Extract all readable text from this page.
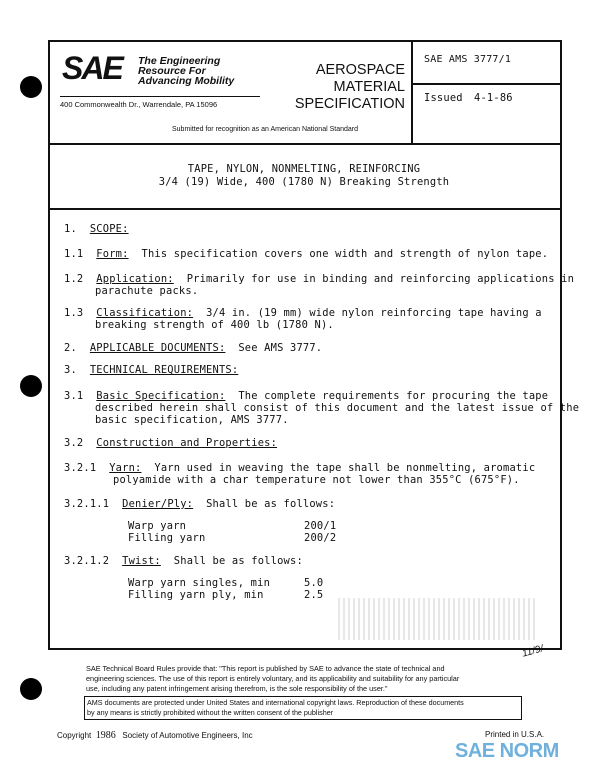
SAE The Engineering
Resource For
Advancing Mobility
400 Commonwealth Dr., Warrendale, PA 15096
AEROSPACE
MATERIAL
SPECIFICATION
Submitted for recognition as an American National Standard
SAE AMS 3777/1
Issued 4-1-86
TAPE, NYLON, NONMELTING, REINFORCING
3/4 (19) Wide, 400 (1780 N) Breaking Strength
1. SCOPE:
1.1 Form: This specification covers one width and strength of nylon tape.
1.2 Application: Primarily for use in binding and reinforcing applications in
parachute packs.
1.3 Classification: 3/4 in. (19 mm) wide nylon reinforcing tape having a
breaking strength of 400 lb (1780 N).
2. APPLICABLE DOCUMENTS: See AMS 3777.
3. TECHNICAL REQUIREMENTS:
3.1 Basic Specification: The complete requirements for procuring the tape
described herein shall consist of this document and the latest issue of the
basic specification, AMS 3777.
3.2 Construction and Properties:
3.2.1 Yarn: Yarn used in weaving the tape shall be nonmelting, aromatic
polyamide with a char temperature not lower than 355°C (675°F).
3.2.1.1 Denier/Ply: Shall be as follows:
Warp yarn	200/1
Filling yarn	200/2
3.2.1.2 Twist: Shall be as follows:
Warp yarn singles, min	5.0
Filling yarn ply, min	2.5
11/9/
SAE Technical Board Rules provide that: "This report is published by SAE to advance the state of technical and
engineering sciences. The use of this report is entirely voluntary, and its applicability and suitability for any particular
use, including any patent infringement arising therefrom, is the sole responsibility of the user."
AMS documents are protected under United States and international copyright laws. Reproduction of these documents
by any means is strictly prohibited without the written consent of the publisher
Copyright 1986 Society of Automotive Engineers, Inc	Printed in U.S.A.
SAE NORM
